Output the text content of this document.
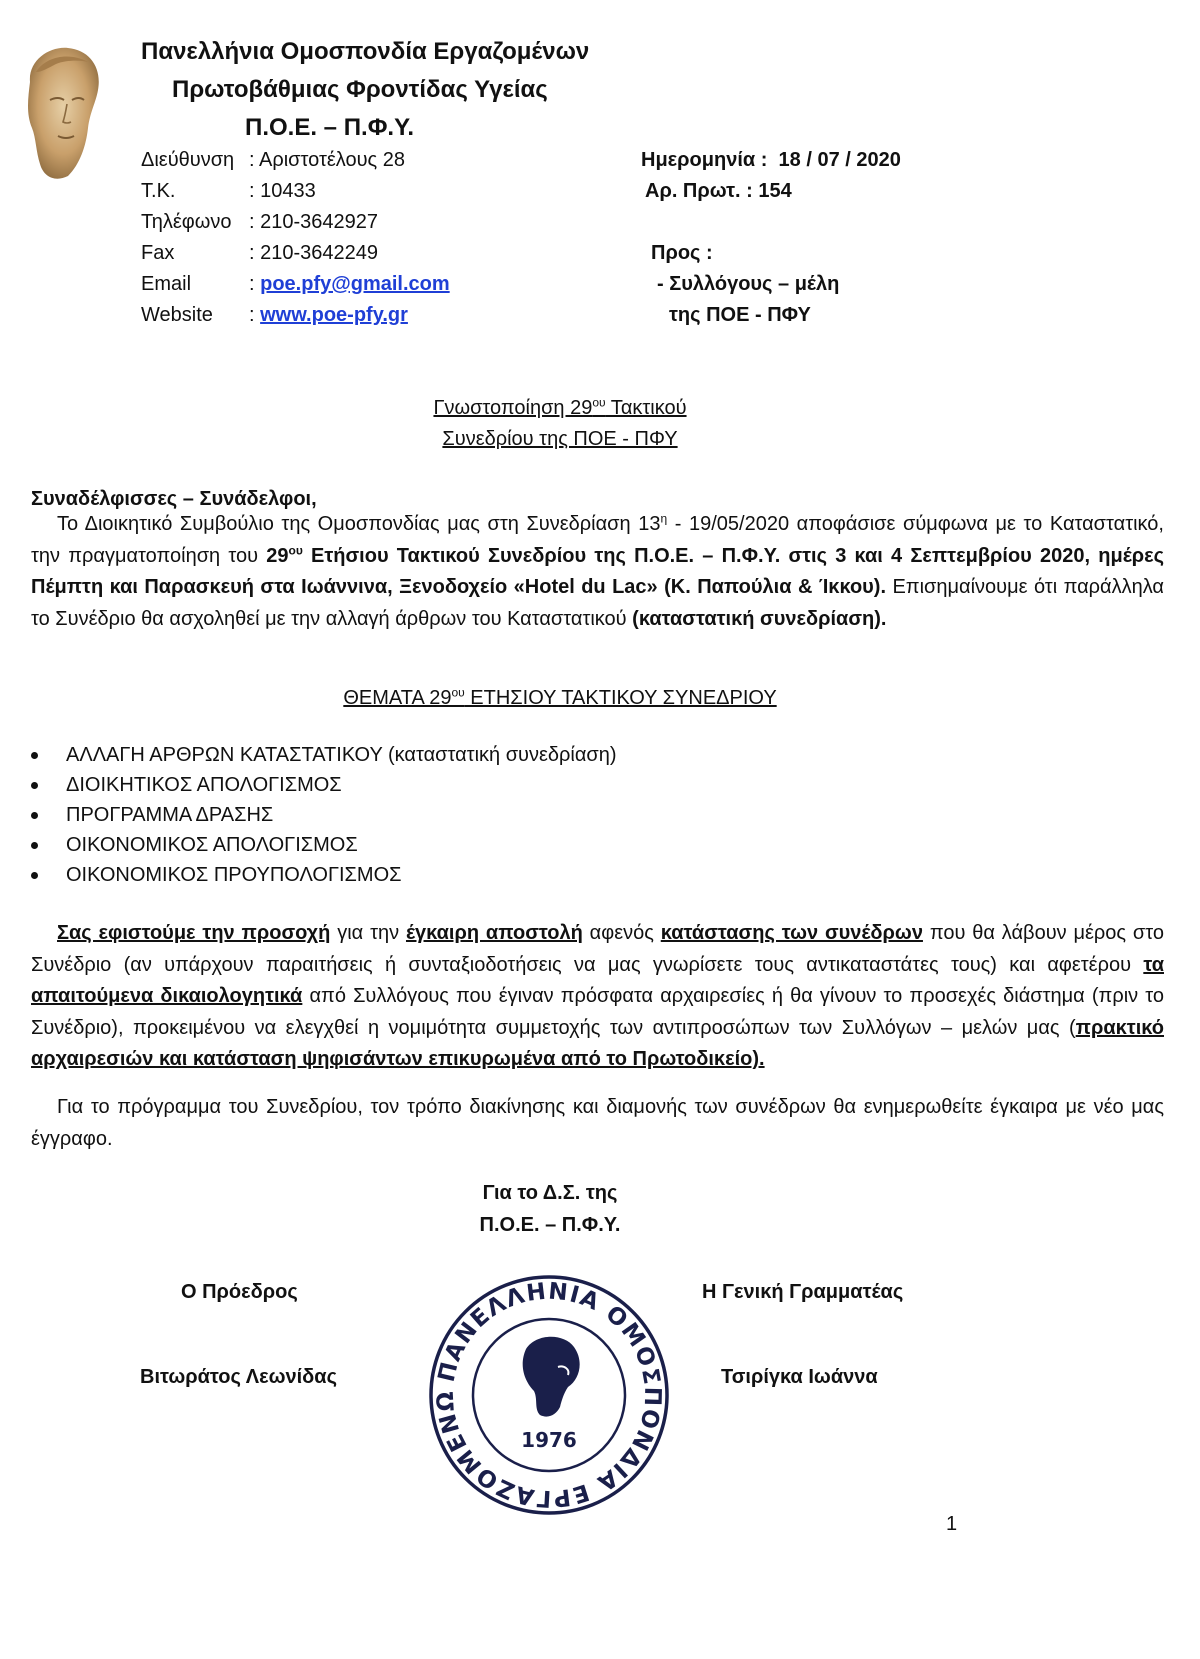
Πανελλήνια Ομοσπονδία Εργαζομένων
Πρωτοβάθμιας Φροντίδας Υγείας
Π.Ο.Ε. – Π.Φ.Υ.
Διεύθυνση : Αριστοτέλους 28
Τ.Κ.	: 10433
Τηλέφωνο : 210-3642927
Fax	: 210-3642249
Email	: poe.pfy@gmail.com
Website : www.poe-pfy.gr
Ημερομηνία : 18 / 07 / 2020
Αρ. Πρωτ. : 154
Προς :
- Συλλόγους – μέλη
της ΠΟΕ - ΠΦΥ
Γνωστοποίηση $29^{o\upsilon}$ Τακτικού
Συνεδρίου της ΠΟΕ - ΠΦΥ
Συναδέλφισσες – Συνάδελφοι,
Το Διοικητικό Συμβούλιο της Ομοσπονδίας μας στη Συνεδρίαση $13^\eta - 19/05/2020$ αποφάσισε σύμφωνα με το Καταστατικό, την πραγματοποίηση του $29^{o\upsilon}$ Ετήσιου Τακτικού Συνεδρίου της Π.Ο.Ε. – Π.Φ.Υ. στις 3 και 4 Σεπτεμβρίου 2020, ημέρες Πέμπτη και Παρασκευή στα Ιωάννινα, Ξενοδοχείο «Hotel du Lac» (Κ. Παπούλια & Ίκκου). Επισημαίνουμε ότι παράλληλα το Συνέδριο θα ασχοληθεί με την αλλαγή άρθρων του Καταστατικού (καταστατική συνεδρίαση).
ΘΕΜΑΤΑ $29^{o\upsilon}$ ΕΤΗΣΙΟΥ ΤΑΚΤΙΚΟΥ ΣΥΝΕΔΡΙΟΥ
ΑΛΛΑΓΗ ΑΡΘΡΩΝ ΚΑΤΑΣΤΑΤΙΚΟΥ (καταστατική συνεδρίαση)
ΔΙΟΙΚΗΤΙΚΟΣ ΑΠΟΛΟΓΙΣΜΟΣ
ΠΡΟΓΡΑΜΜΑ ΔΡΑΣΗΣ
ΟΙΚΟΝΟΜΙΚΟΣ ΑΠΟΛΟΓΙΣΜΟΣ
ΟΙΚΟΝΟΜΙΚΟΣ ΠΡΟΥΠΟΛΟΓΙΣΜΟΣ
Σας εφιστούμε την προσοχή για την έγκαιρη αποστολή αφενός κατάστασης των συνέδρων που θα λάβουν μέρος στο Συνέδριο (αν υπάρχουν παραιτήσεις ή συνταξιοδοτήσεις να μας γνωρίσετε τους αντικαταστάτες τους) και αφετέρου τα απαιτούμενα δικαιολογητικά από Συλλόγους που έγιναν πρόσφατα αρχαιρεσίες ή θα γίνουν το προσεχές διάστημα (πριν το Συνέδριο), προκειμένου να ελεγχθεί η νομιμότητα συμμετοχής των αντιπροσώπων των Συλλόγων – μελών μας (πρακτικό αρχαιρεσιών και κατάσταση ψηφισάντων επικυρωμένα από το Πρωτοδικείο).
Για το πρόγραμμα του Συνεδρίου, τον τρόπο διακίνησης και διαμονής των συνέδρων θα ενημερωθείτε έγκαιρα με νέο μας έγγραφο.
Για το Δ.Σ. της
Π.Ο.Ε. – Π.Φ.Υ.
Ο Πρόεδρος	Η Γενική Γραμματέας
Βιτωράτος Λεωνίδας	Τσιρίγκα Ιωάννα
ΠΑΝΕΛΛΗΝΙΑ ΟΜΟΣΠΟΝΔΙΑ ΕΡΓΑΖΟΜΕΝΩ
1976
1
